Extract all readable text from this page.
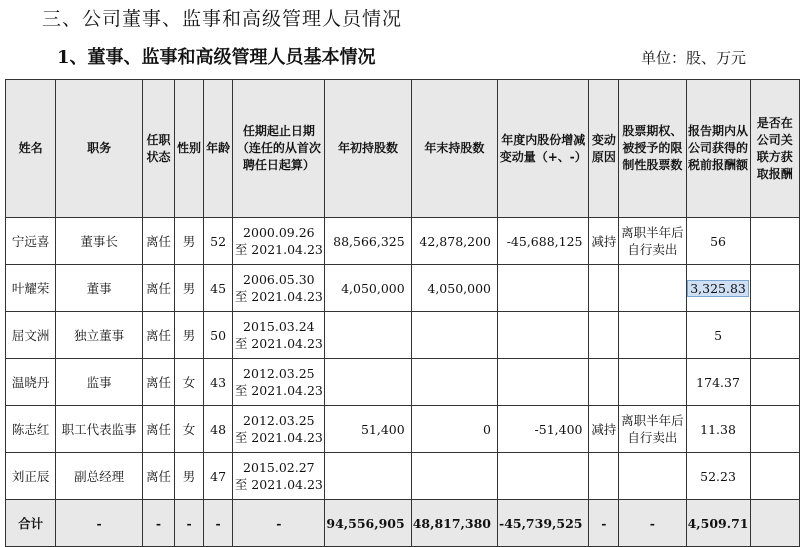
三、公司董事、监事和高级管理人员情况
1、董事、监事和高级管理人员基本情况	单位：股、万元
姓名	职务	任职状态	性别	年龄	任期起止日期（连任的从首次聘任日起算）	年初持股数	年末持股数	年度内股份增减变动量（+、-）	变动原因	股票期权、被授予的限制性股票数	报告期内从公司获得的税前报酬额	是否在公司关联方获取报酬
宁远喜	董事长	离任	男	52	2000.09.26
至 2021.04.23	88,566,325	42,878,200	-45,688,125	减持	离职半年后自行卖出	56	
叶耀荣	董事	离任	男	45	2006.05.30
至 2021.04.23	4,050,000	4,050,000				3,325.83	
屈文洲	独立董事	离任	男	50	2015.03.24
至 2021.04.23						5	
温晓丹	监事	离任	女	43	2012.03.25
至 2021.04.23						174.37	
陈志红	职工代表监事	离任	女	48	2012.03.25
至 2021.04.23	51,400	0	-51,400	减持	离职半年后自行卖出	11.38	
刘正辰	副总经理	离任	男	47	2015.02.27
至 2021.04.23						52.23	
合计	-	-	-	-	-	94,556,905	48,817,380	-45,739,525	-	-	4,509.71	
